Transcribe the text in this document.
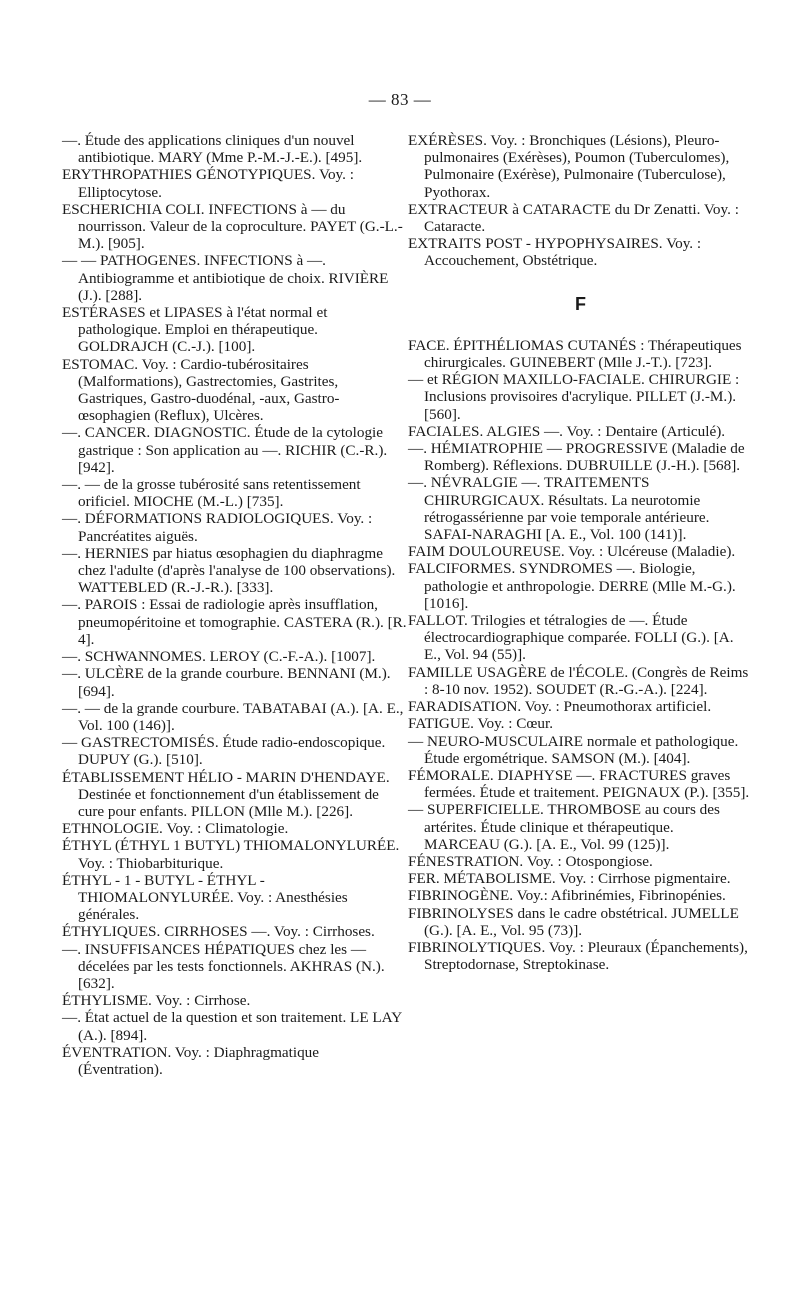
— 83 —

—. Étude des applications cliniques d'un nouvel antibiotique. MARY (Mme P.-M.-J.-E.). [495].

ERYTHROPATHIES GÉNOTYPIQUES. Voy. : Elliptocytose.

ESCHERICHIA COLI. INFECTIONS à — du nourrisson. Valeur de la coproculture. PAYET (G.-L.-M.). [905].

— — PATHOGENES. INFECTIONS à —. Antibiogramme et antibiotique de choix. RIVIÈRE (J.). [288].

ESTÉRASES et LIPASES à l'état normal et pathologique. Emploi en thérapeutique. GOLDRAJCH (C.-J.). [100].

ESTOMAC. Voy. : Cardio-tubérositaires (Malformations), Gastrectomies, Gastrites, Gastriques, Gastro-duodénal, -aux, Gastro-œsophagien (Reflux), Ulcères.

—. CANCER. DIAGNOSTIC. Étude de la cytologie gastrique : Son application au —. RICHIR (C.-R.). [942].

—. — de la grosse tubérosité sans retentissement orificiel. MIOCHE (M.-L.) [735].

—. DÉFORMATIONS RADIOLOGIQUES. Voy. : Pancréatites aiguës.

—. HERNIES par hiatus œsophagien du diaphragme chez l'adulte (d'après l'analyse de 100 observations). WATTEBLED (R.-J.-R.). [333].

—. PAROIS : Essai de radiologie après insufflation, pneumopéritoine et tomographie. CASTERA (R.). [R. 4].

—. SCHWANNOMES. LEROY (C.-F.-A.). [1007].

—. ULCÈRE de la grande courbure. BENNANI (M.). [694].

—. — de la grande courbure. TABATABAI (A.). [A. E., Vol. 100 (146)].

— GASTRECTOMISÉS. Étude radio-endoscopique. DUPUY (G.). [510].

ÉTABLISSEMENT HÉLIO - MARIN D'HENDAYE. Destinée et fonctionnement d'un établissement de cure pour enfants. PILLON (Mlle M.). [226].

ETHNOLOGIE. Voy. : Climatologie.

ÉTHYL (ÉTHYL 1 BUTYL) THIOMALONYLURÉE. Voy. : Thiobarbiturique.

ÉTHYL - 1 - BUTYL - ÉTHYL - THIOMALONYLURÉE. Voy. : Anesthésies générales.

ÉTHYLIQUES. CIRRHOSES —. Voy. : Cirrhoses.

—. INSUFFISANCES HÉPATIQUES chez les — décelées par les tests fonctionnels. AKHRAS (N.). [632].

ÉTHYLISME. Voy. : Cirrhose.

—. État actuel de la question et son traitement. LE LAY (A.). [894].

ÉVENTRATION. Voy. : Diaphragmatique (Éventration).

EXÉRÈSES. Voy. : Bronchiques (Lésions), Pleuro-pulmonaires (Exérèses), Poumon (Tuberculomes), Pulmonaire (Exérèse), Pulmonaire (Tuberculose), Pyothorax.

EXTRACTEUR à CATARACTE du Dr Zenatti. Voy. : Cataracte.

EXTRAITS POST - HYPOPHYSAIRES. Voy. : Accouchement, Obstétrique.

F

FACE. ÉPITHÉLIOMAS CUTANÉS : Thérapeutiques chirurgicales. GUINEBERT (Mlle J.-T.). [723].

— et RÉGION MAXILLO-FACIALE. CHIRURGIE : Inclusions provisoires d'acrylique. PILLET (J.-M.). [560].

FACIALES. ALGIES —. Voy. : Dentaire (Articulé).

—. HÉMIATROPHIE — PROGRESSIVE (Maladie de Romberg). Réflexions. DUBRUILLE (J.-H.). [568].

—. NÉVRALGIE —. TRAITEMENTS CHIRURGICAUX. Résultats. La neurotomie rétrogassérienne par voie temporale antérieure. SAFAI-NARAGHI [A. E., Vol. 100 (141)].

FAIM DOULOUREUSE. Voy. : Ulcéreuse (Maladie).

FALCIFORMES. SYNDROMES —. Biologie, pathologie et anthropologie. DERRE (Mlle M.-G.). [1016].

FALLOT. Trilogies et tétralogies de —. Étude électrocardiographique comparée. FOLLI (G.). [A. E., Vol. 94 (55)].

FAMILLE USAGÈRE de l'ÉCOLE. (Congrès de Reims : 8-10 nov. 1952). SOUDET (R.-G.-A.). [224].

FARADISATION. Voy. : Pneumothorax artificiel.

FATIGUE. Voy. : Cœur.

— NEURO-MUSCULAIRE normale et pathologique. Étude ergométrique. SAMSON (M.). [404].

FÉMORALE. DIAPHYSE —. FRACTURES graves fermées. Étude et traitement. PEIGNAUX (P.). [355].

— SUPERFICIELLE. THROMBOSE au cours des artérites. Étude clinique et thérapeutique. MARCEAU (G.). [A. E., Vol. 99 (125)].

FÉNESTRATION. Voy. : Otospongiose.

FER. MÉTABOLISME. Voy. : Cirrhose pigmentaire.

FIBRINOGÈNE. Voy.: Afibrinémies, Fibrinopénies.

FIBRINOLYSES dans le cadre obstétrical. JUMELLE (G.). [A. E., Vol. 95 (73)].

FIBRINOLYTIQUES. Voy. : Pleuraux (Épanchements), Streptodornase, Streptokinase.
